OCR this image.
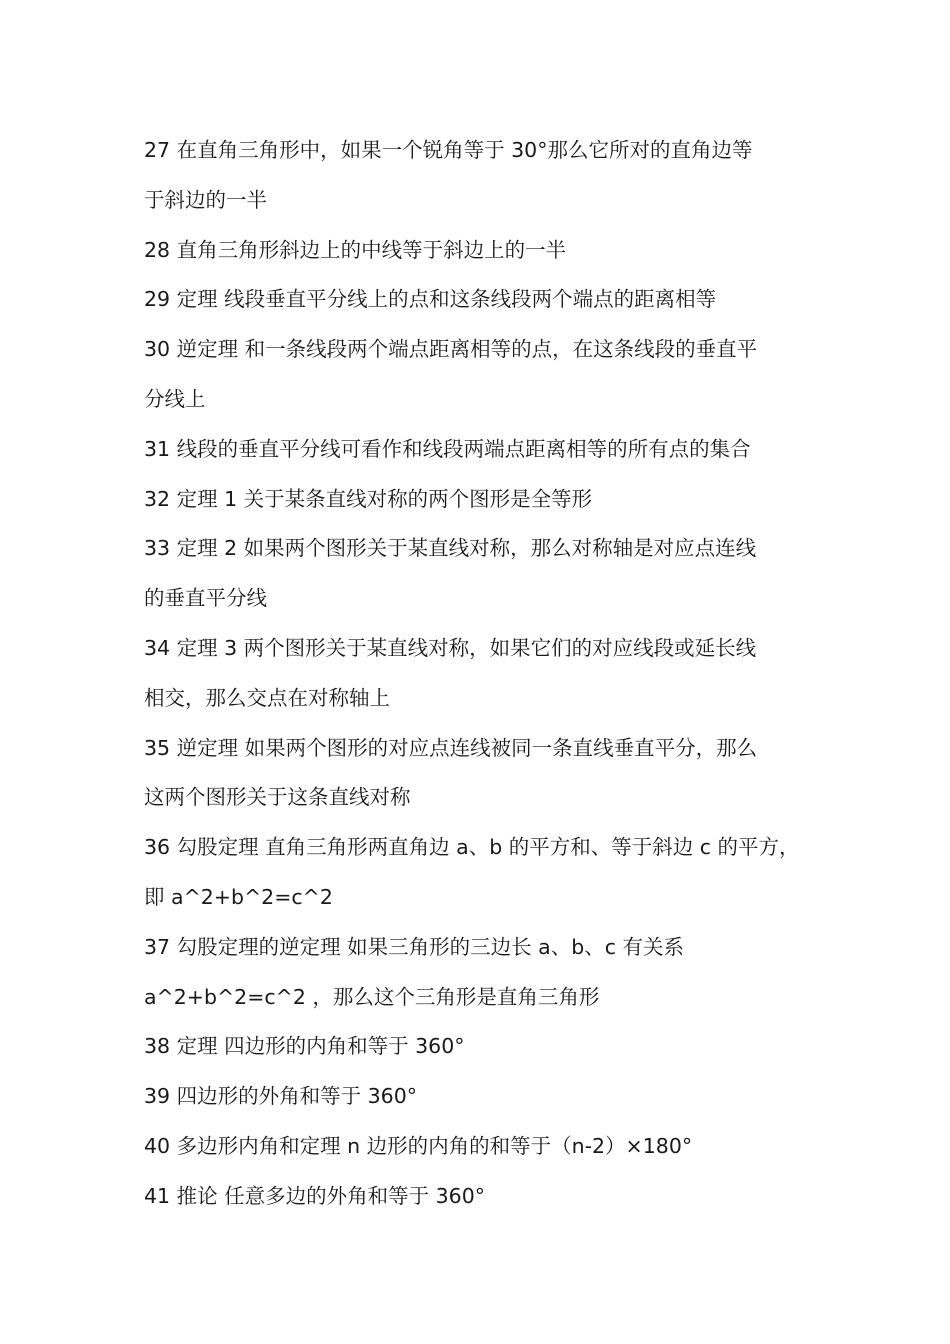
27 在直角三角形中，如果一个锐角等于 30°那么它所对的直角边等
于斜边的一半
28 直角三角形斜边上的中线等于斜边上的一半
29 定理 线段垂直平分线上的点和这条线段两个端点的距离相等
30 逆定理 和一条线段两个端点距离相等的点，在这条线段的垂直平
分线上
31 线段的垂直平分线可看作和线段两端点距离相等的所有点的集合
32 定理 1 关于某条直线对称的两个图形是全等形
33 定理 2 如果两个图形关于某直线对称，那么对称轴是对应点连线
的垂直平分线
34 定理 3 两个图形关于某直线对称，如果它们的对应线段或延长线
相交，那么交点在对称轴上
35 逆定理 如果两个图形的对应点连线被同一条直线垂直平分，那么
这两个图形关于这条直线对称
36 勾股定理 直角三角形两直角边 a、b 的平方和、等于斜边 c 的平方，
即 a^2+b^2=c^2
37 勾股定理的逆定理 如果三角形的三边长 a、b、c 有关系
a^2+b^2=c^2 ，那么这个三角形是直角三角形
38 定理 四边形的内角和等于 360°
39 四边形的外角和等于 360°
40 多边形内角和定理 n 边形的内角的和等于（n-2）×180°
41 推论 任意多边的外角和等于 360°
